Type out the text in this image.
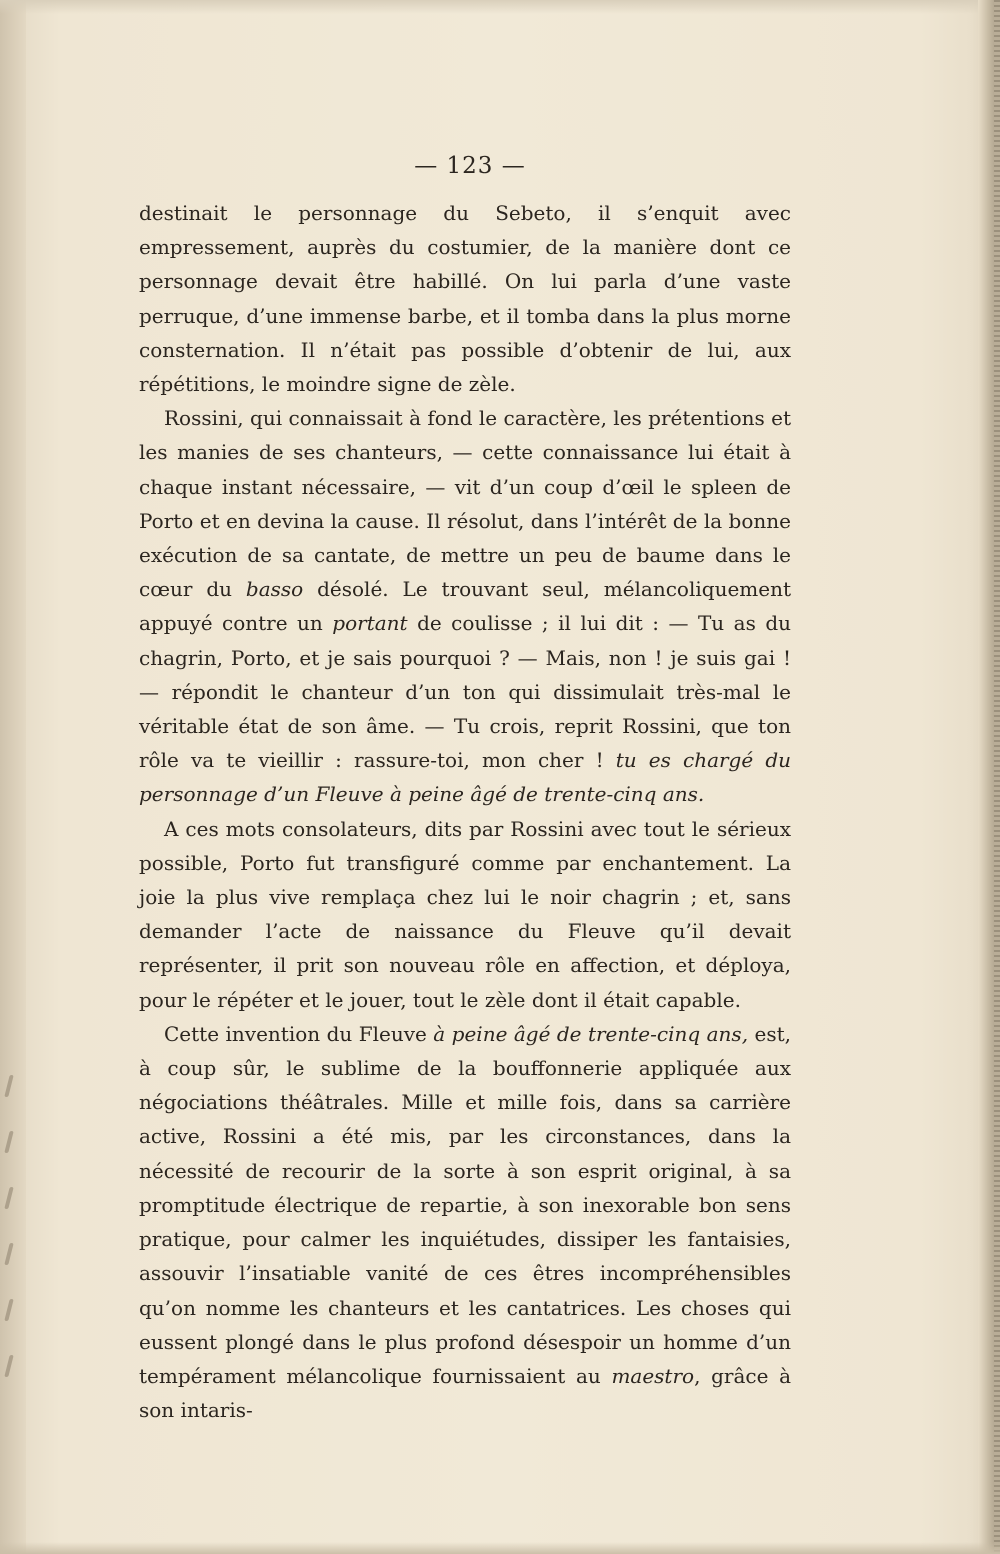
— 123 —

destinait le personnage du Sebeto, il s’enquit avec empressement, auprès du costumier, de la manière dont ce personnage devait être habillé. On lui parla d’une vaste perruque, d’une immense barbe, et il tomba dans la plus morne consternation. Il n’était pas possible d’obtenir de lui, aux répétitions, le moindre signe de zèle.

Rossini, qui connaissait à fond le caractère, les prétentions et les manies de ses chanteurs, — cette connaissance lui était à chaque instant nécessaire, — vit d’un coup d’œil le spleen de Porto et en devina la cause. Il résolut, dans l’intérêt de la bonne exécution de sa cantate, de mettre un peu de baume dans le cœur du basso désolé. Le trouvant seul, mélancoliquement appuyé contre un portant de coulisse ; il lui dit : — Tu as du chagrin, Porto, et je sais pourquoi ? — Mais, non ! je suis gai ! — répondit le chanteur d’un ton qui dissimulait très-mal le véritable état de son âme. — Tu crois, reprit Rossini, que ton rôle va te vieillir : rassure-toi, mon cher ! tu es chargé du personnage d’un Fleuve à peine âgé de trente-cinq ans.

A ces mots consolateurs, dits par Rossini avec tout le sérieux possible, Porto fut transfiguré comme par enchantement. La joie la plus vive remplaça chez lui le noir chagrin ; et, sans demander l’acte de naissance du Fleuve qu’il devait représenter, il prit son nouveau rôle en affection, et déploya, pour le répéter et le jouer, tout le zèle dont il était capable.

Cette invention du Fleuve à peine âgé de trente-cinq ans, est, à coup sûr, le sublime de la bouffonnerie appliquée aux négociations théâtrales. Mille et mille fois, dans sa carrière active, Rossini a été mis, par les circonstances, dans la nécessité de recourir de la sorte à son esprit original, à sa promptitude électrique de repartie, à son inexorable bon sens pratique, pour calmer les inquiétudes, dissiper les fantaisies, assouvir l’insatiable vanité de ces êtres incompréhensibles qu’on nomme les chanteurs et les cantatrices. Les choses qui eussent plongé dans le plus profond désespoir un homme d’un tempérament mélancolique fournissaient au maestro, grâce à son intaris-
